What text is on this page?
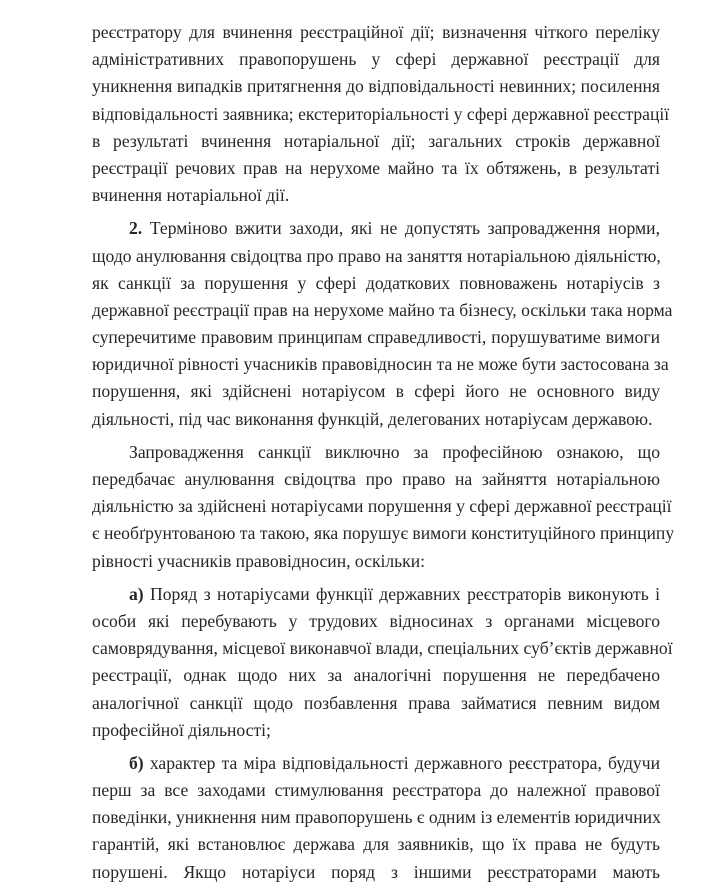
реєстратору для вчинення реєстраційної дії; визначення чіткого переліку
адміністративних правопорушень у сфері державної реєстрації для
уникнення випадків притягнення до відповідальності невинних; посилення
відповідальності заявника; екстериторіальності у сфері державної реєстрації
в результаті вчинення нотаріальної дії; загальних строків державної
реєстрації речових прав на нерухоме майно та їх обтяжень, в результаті
вчинення нотаріальної дії.
2. Терміново вжити заходи, які не допустять запровадження норми,
щодо анулювання свідоцтва про право на заняття нотаріальною діяльністю,
як санкції за порушення у сфері додаткових повноважень нотаріусів з
державної реєстрації прав на нерухоме майно та бізнесу, оскільки така норма
суперечитиме правовим принципам справедливості, порушуватиме вимоги
юридичної рівності учасників правовідносин та не може бути застосована за
порушення, які здійснені нотаріусом в сфері його не основного виду
діяльності, під час виконання функцій, делегованих нотаріусам державою.
Запровадження санкції виключно за професійною ознакою, що
передбачає анулювання свідоцтва про право на зайняття нотаріальною
діяльністю за здійснені нотаріусами порушення у сфері державної реєстрації
є необґрунтованою та такою, яка порушує вимоги конституційного принципу
рівності учасників правовідносин, оскільки:
а) Поряд з нотаріусами функції державних реєстраторів виконують і
особи які перебувають у трудових відносинах з органами місцевого
самоврядування, місцевої виконавчої влади, спеціальних суб’єктів державної
реєстрації, однак щодо них за аналогічні порушення не передбачено
аналогічної санкції щодо позбавлення права займатися певним видом
професійної діяльності;
б) характер та міра відповідальності державного реєстратора, будучи
перш за все заходами стимулювання реєстратора до належної правової
поведінки, уникнення ним правопорушень є одним із елементів юридичних
гарантій, які встановлює держава для заявників, що їх права не будуть
порушені. Якщо нотаріуси поряд з іншими реєстраторами мають
